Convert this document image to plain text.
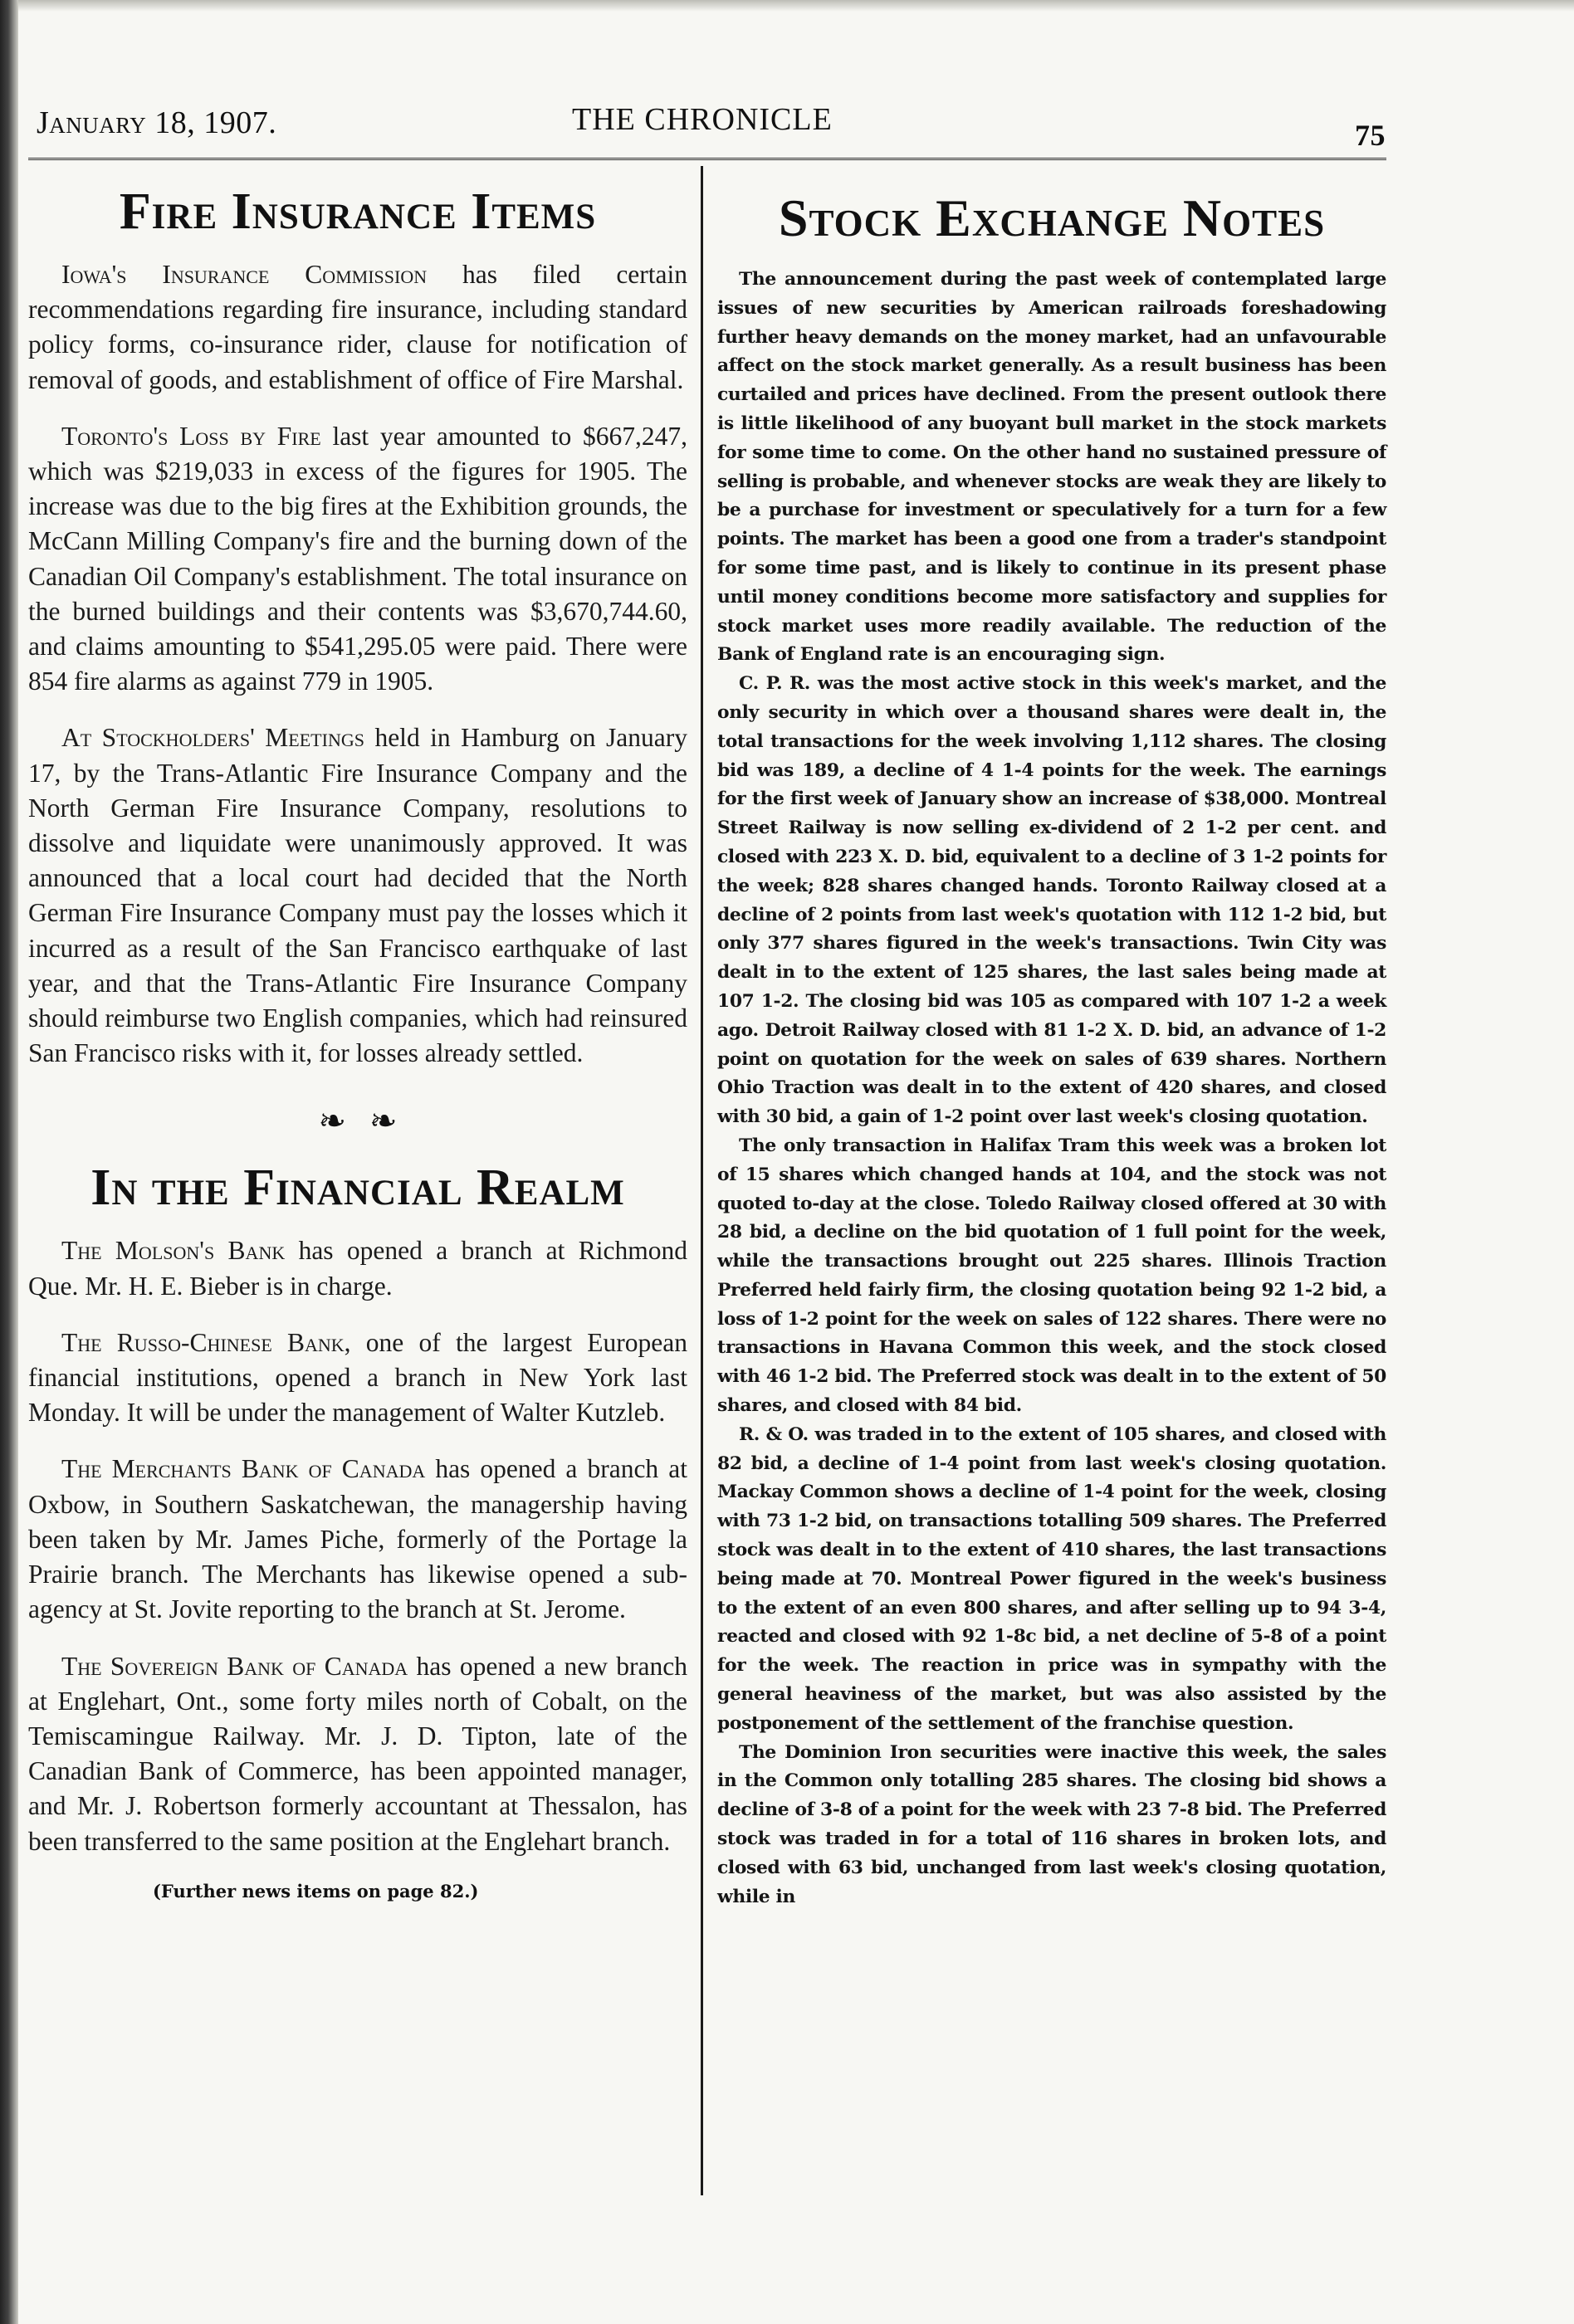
January 18, 1907.	THE CHRONICLE	75
Fire Insurance Items

Iowa's Insurance Commission has filed certain recommendations regarding fire insurance, including standard policy forms, co-insurance rider, clause for notification of removal of goods, and establishment of office of Fire Marshal.

Toronto's Loss by Fire last year amounted to $667,247, which was $219,033 in excess of the figures for 1905. The increase was due to the big fires at the Exhibition grounds, the McCann Milling Company's fire and the burning down of the Canadian Oil Company's establishment. The total insurance on the burned buildings and their contents was $3,670,744.60, and claims amounting to $541,295.05 were paid. There were 854 fire alarms as against 779 in 1905.

At Stockholders' Meetings held in Hamburg on January 17, by the Trans-Atlantic Fire Insurance Company and the North German Fire Insurance Company, resolutions to dissolve and liquidate were unanimously approved. It was announced that a local court had decided that the North German Fire Insurance Company must pay the losses which it incurred as a result of the San Francisco earthquake of last year, and that the Trans-Atlantic Fire Insurance Company should reimburse two English companies, which had reinsured San Francisco risks with it, for losses already settled.

❧ ❧
In the Financial Realm

The Molson's Bank has opened a branch at Richmond Que. Mr. H. E. Bieber is in charge.

The Russo-Chinese Bank, one of the largest European financial institutions, opened a branch in New York last Monday. It will be under the management of Walter Kutzleb.

The Merchants Bank of Canada has opened a branch at Oxbow, in Southern Saskatchewan, the managership having been taken by Mr. James Piche, formerly of the Portage la Prairie branch. The Merchants has likewise opened a sub-agency at St. Jovite reporting to the branch at St. Jerome.

The Sovereign Bank of Canada has opened a new branch at Englehart, Ont., some forty miles north of Cobalt, on the Temiscamingue Railway. Mr. J. D. Tipton, late of the Canadian Bank of Commerce, has been appointed manager, and Mr. J. Robertson formerly accountant at Thessalon, has been transferred to the same position at the Englehart branch.

(Further news items on page 82.)

Stock Exchange Notes

The announcement during the past week of contemplated large issues of new securities by American railroads foreshadowing further heavy demands on the money market, had an unfavourable affect on the stock market generally. As a result business has been curtailed and prices have declined. From the present outlook there is little likelihood of any buoyant bull market in the stock markets for some time to come. On the other hand no sustained pressure of selling is probable, and whenever stocks are weak they are likely to be a purchase for investment or speculatively for a turn for a few points. The market has been a good one from a trader's standpoint for some time past, and is likely to continue in its present phase until money conditions become more satisfactory and supplies for stock market uses more readily available. The reduction of the Bank of England rate is an encouraging sign.

C. P. R. was the most active stock in this week's market, and the only security in which over a thousand shares were dealt in, the total transactions for the week involving 1,112 shares. The closing bid was 189, a decline of 4 1-4 points for the week. The earnings for the first week of January show an increase of $38,000. Montreal Street Railway is now selling ex-dividend of 2 1-2 per cent. and closed with 223 X. D. bid, equivalent to a decline of 3 1-2 points for the week; 828 shares changed hands. Toronto Railway closed at a decline of 2 points from last week's quotation with 112 1-2 bid, but only 377 shares figured in the week's transactions. Twin City was dealt in to the extent of 125 shares, the last sales being made at 107 1-2. The closing bid was 105 as compared with 107 1-2 a week ago. Detroit Railway closed with 81 1-2 X. D. bid, an advance of 1-2 point on quotation for the week on sales of 639 shares. Northern Ohio Traction was dealt in to the extent of 420 shares, and closed with 30 bid, a gain of 1-2 point over last week's closing quotation.

The only transaction in Halifax Tram this week was a broken lot of 15 shares which changed hands at 104, and the stock was not quoted to-day at the close. Toledo Railway closed offered at 30 with 28 bid, a decline on the bid quotation of 1 full point for the week, while the transactions brought out 225 shares. Illinois Traction Preferred held fairly firm, the closing quotation being 92 1-2 bid, a loss of 1-2 point for the week on sales of 122 shares. There were no transactions in Havana Common this week, and the stock closed with 46 1-2 bid. The Preferred stock was dealt in to the extent of 50 shares, and closed with 84 bid.

R. & O. was traded in to the extent of 105 shares, and closed with 82 bid, a decline of 1-4 point from last week's closing quotation. Mackay Common shows a decline of 1-4 point for the week, closing with 73 1-2 bid, on transactions totalling 509 shares. The Preferred stock was dealt in to the extent of 410 shares, the last transactions being made at 70. Montreal Power figured in the week's business to the extent of an even 800 shares, and after selling up to 94 3-4, reacted and closed with 92 1-8c bid, a net decline of 5-8 of a point for the week. The reaction in price was in sympathy with the general heaviness of the market, but was also assisted by the postponement of the settlement of the franchise question.

The Dominion Iron securities were inactive this week, the sales in the Common only totalling 285 shares. The closing bid shows a decline of 3-8 of a point for the week with 23 7-8 bid. The Preferred stock was traded in for a total of 116 shares in broken lots, and closed with 63 bid, unchanged from last week's closing quotation, while in
